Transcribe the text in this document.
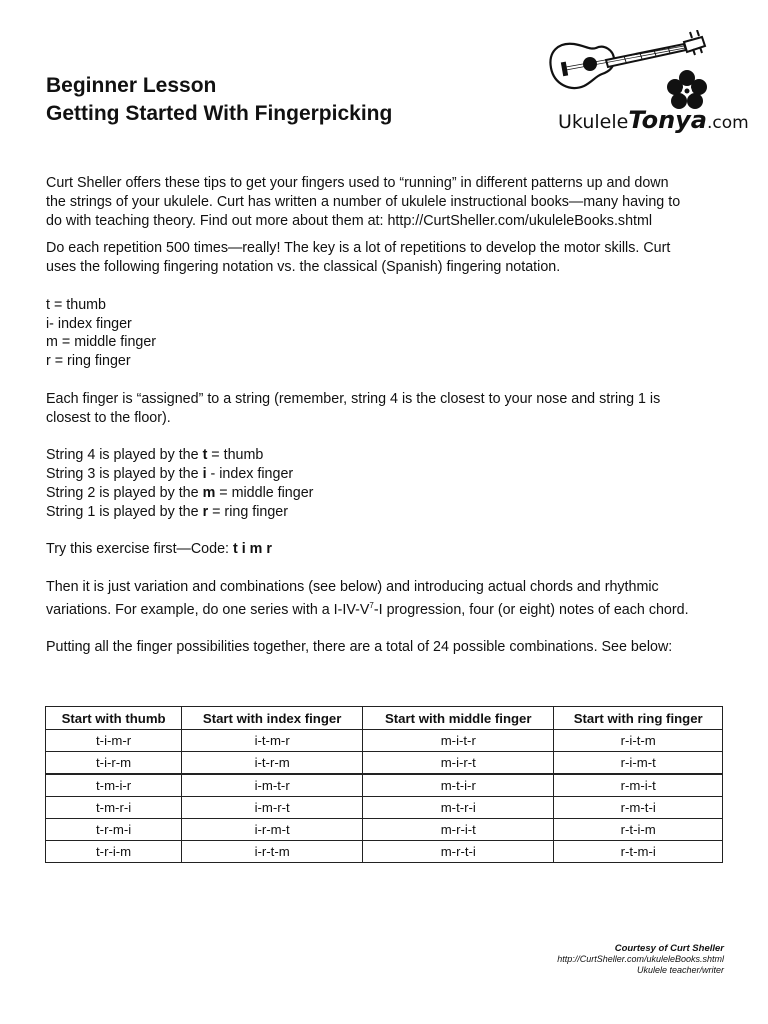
Beginner Lesson
Getting Started With Fingerpicking	UkuleleTonya.com

Curt Sheller offers these tips to get your fingers used to “running” in different patterns up and down
the strings of your ukulele. Curt has written a number of ukulele instructional books—many having to
do with teaching theory. Find out more about them at: http://CurtSheller.com/ukuleleBooks.shtml

Do each repetition 500 times—really! The key is a lot of repetitions to develop the motor skills. Curt
uses the following fingering notation vs. the classical (Spanish) fingering notation.

t = thumb
i- index finger
m = middle finger
r = ring finger

Each finger is “assigned” to a string (remember, string 4 is the closest to your nose and string 1 is
closest to the floor).

String 4 is played by the t = thumb
String 3 is played by the i - index finger
String 2 is played by the m = middle finger
String 1 is played by the r = ring finger

Try this exercise first—Code: t i m r

Then it is just variation and combinations (see below) and introducing actual chords and rhythmic
variations. For example, do one series with a $I-IV-V^7-I$ progression, four (or eight) notes of each chord.

Putting all the finger possibilities together, there are a total of 24 possible combinations. See below:

Start with thumb	Start with index finger	Start with middle finger	Start with ring finger
t-i-m-r	i-t-m-r	m-i-t-r	r-i-t-m
t-i-r-m	i-t-r-m	m-i-r-t	r-i-m-t
t-m-i-r	i-m-t-r	m-t-i-r	r-m-i-t
t-m-r-i	i-m-r-t	m-t-r-i	r-m-t-i
t-r-m-i	i-r-m-t	m-r-i-t	r-t-i-m
t-r-i-m	i-r-t-m	m-r-t-i	r-t-m-i
Courtesy of Curt Sheller
http://CurtSheller.com/ukuleleBooks.shtml
Ukulele teacher/writer
